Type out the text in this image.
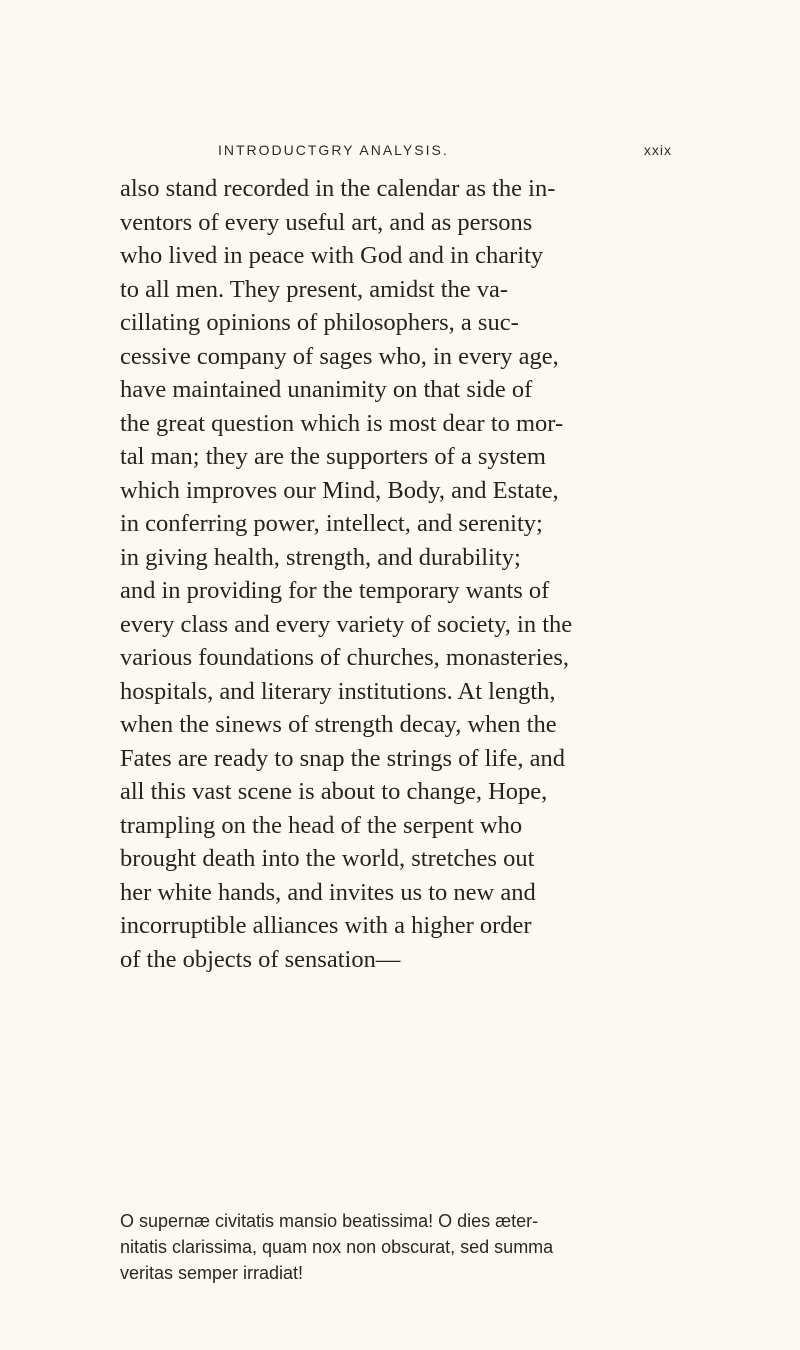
INTRODUCTGRY ANALYSIS.	xxix
also stand recorded in the calendar as the in-
ventors of every useful art, and as persons
who lived in peace with God and in charity
to all men. They present, amidst the va-
cillating opinions of philosophers, a suc-
cessive company of sages who, in every age,
have maintained unanimity on that side of
the great question which is most dear to mor-
tal man; they are the supporters of a system
which improves our Mind, Body, and Estate,
in conferring power, intellect, and serenity;
in giving health, strength, and durability;
and in providing for the temporary wants of
every class and every variety of society, in the
various foundations of churches, monasteries,
hospitals, and literary institutions. At length,
when the sinews of strength decay, when the
Fates are ready to snap the strings of life, and
all this vast scene is about to change, Hope,
trampling on the head of the serpent who
brought death into the world, stretches out
her white hands, and invites us to new and
incorruptible alliances with a higher order
of the objects of sensation—
O supernæ civitatis mansio beatissima! O dies æter-
nitatis clarissima, quam nox non obscurat, sed summa
veritas semper irradiat!
